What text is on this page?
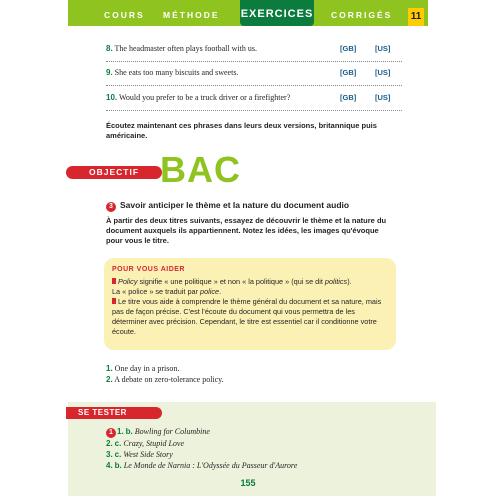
COURS MÉTHODE EXERCICES CORRIGÉS 11
8. The headmaster often plays football with us.	[GB]	[US]
9. She eats too many biscuits and sweets.	[GB]	[US]
10. Would you prefer to be a truck driver or a firefighter?	[GB]	[US]
Écoutez maintenant ces phrases dans leurs deux versions, britannique puis américaine.
OBJECTIF BAC
3 Savoir anticiper le thème et la nature du document audio
À partir des deux titres suivants, essayez de découvrir le thème et la nature du document auxquels ils appartiennent. Notez les idées, les images qu'évoque pour vous le titre.
POUR VOUS AIDER

Policy signifie « une politique » et non « la politique » (qui se dit politics).
La « police » se traduit par police.

Le titre vous aide à comprendre le thème général du document et sa nature, mais pas de façon précise. C'est l'écoute du document qui vous permettra de les déterminer avec précision. Cependant, le titre est essentiel car il conditionne votre écoute.

1. One day in a prison.
2. A debate on zero-tolerance policy.
SE TESTER
1 1. b. Bowling for Columbine
2. c. Crazy, Stupid Love
3. c. West Side Story
4. b. Le Monde de Narnia : L'Odyssée du Passeur d'Aurore
155
